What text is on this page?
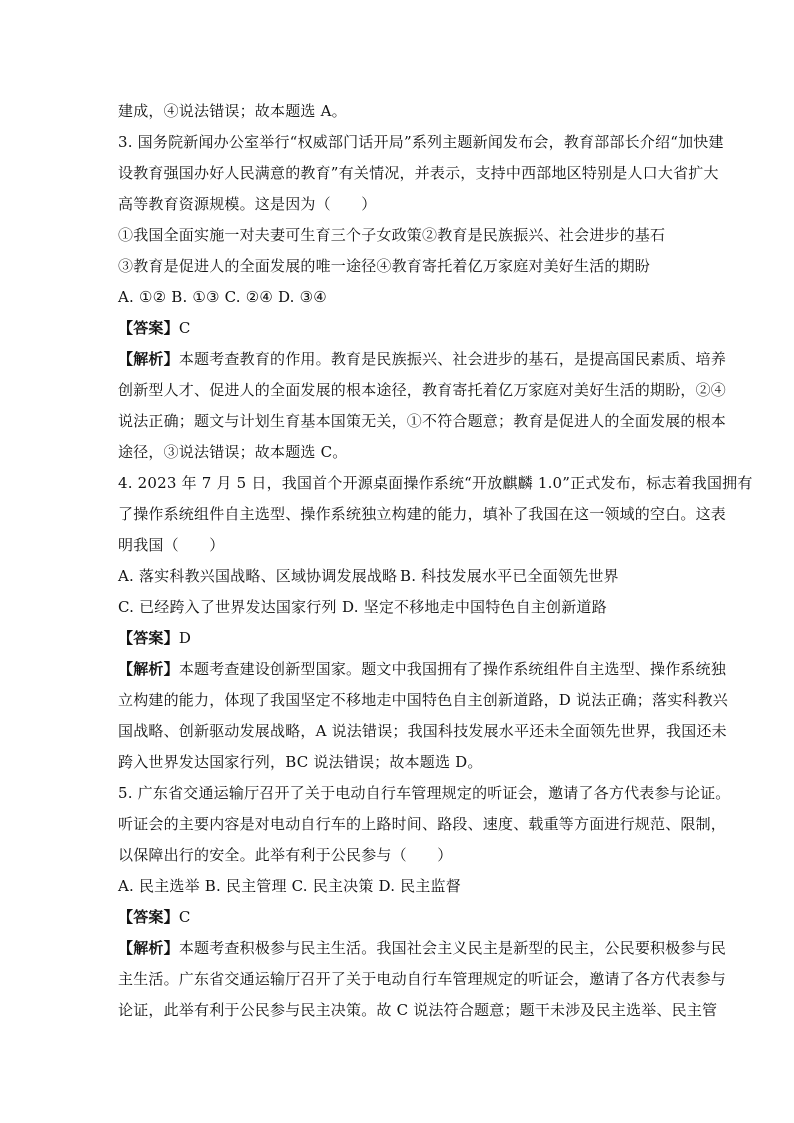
建成，④说法错误；故本题选 A。
3. 国务院新闻办公室举行“权威部门话开局”系列主题新闻发布会，教育部部长介绍“加快建
设教育强国办好人民满意的教育”有关情况，并表示，支持中西部地区特别是人口大省扩大
高等教育资源规模。这是因为（　　）
①我国全面实施一对夫妻可生育三个子女政策②教育是民族振兴、社会进步的基石
③教育是促进人的全面发展的唯一途径④教育寄托着亿万家庭对美好生活的期盼
A. ①② B. ①③ C. ②④ D. ③④
【答案】C
【解析】本题考查教育的作用。教育是民族振兴、社会进步的基石，是提高国民素质、培养
创新型人才、促进人的全面发展的根本途径，教育寄托着亿万家庭对美好生活的期盼，②④
说法正确；题文与计划生育基本国策无关，①不符合题意；教育是促进人的全面发展的根本
途径，③说法错误；故本题选 C。
4. 2023 年 7 月 5 日，我国首个开源桌面操作系统“开放麒麟 1.0”正式发布，标志着我国拥有
了操作系统组件自主选型、操作系统独立构建的能力，填补了我国在这一领域的空白。这表
明我国（　　）
A. 落实科教兴国战略、区域协调发展战略 B. 科技发展水平已全面领先世界
C. 已经跨入了世界发达国家行列 D. 坚定不移地走中国特色自主创新道路
【答案】D
【解析】本题考查建设创新型国家。题文中我国拥有了操作系统组件自主选型、操作系统独
立构建的能力，体现了我国坚定不移地走中国特色自主创新道路，D 说法正确；落实科教兴
国战略、创新驱动发展战略，A 说法错误；我国科技发展水平还未全面领先世界，我国还未
跨入世界发达国家行列，BC 说法错误；故本题选 D。
5. 广东省交通运输厅召开了关于电动自行车管理规定的听证会，邀请了各方代表参与论证。
听证会的主要内容是对电动自行车的上路时间、路段、速度、载重等方面进行规范、限制，
以保障出行的安全。此举有利于公民参与（　　）
A. 民主选举 B. 民主管理 C. 民主决策 D. 民主监督
【答案】C
【解析】本题考查积极参与民主生活。我国社会主义民主是新型的民主，公民要积极参与民
主生活。广东省交通运输厅召开了关于电动自行车管理规定的听证会，邀请了各方代表参与
论证，此举有利于公民参与民主决策。故 C 说法符合题意；题干未涉及民主选举、民主管
